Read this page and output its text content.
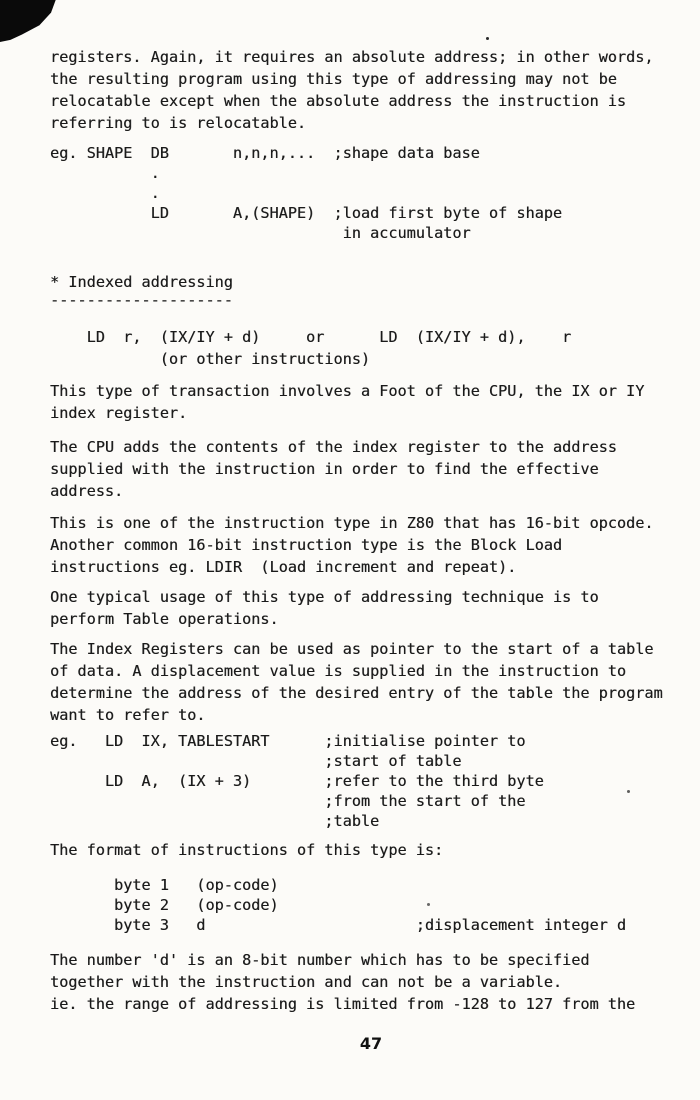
registers. Again, it requires an absolute address; in other words,
the resulting program using this type of addressing may not be
relocatable except when the absolute address the instruction is
referring to is relocatable.
eg. SHAPE  DB       n,n,n,...  ;shape data base
.
.
LD       A,(SHAPE)  ;load first byte of shape
in accumulator
* Indexed addressing
--------------------
LD  r,  (IX/IY + d)     or      LD  (IX/IY + d),    r
(or other instructions)
This type of transaction involves a Foot of the CPU, the IX or IY
index register.
The CPU adds the contents of the index register to the address
supplied with the instruction in order to find the effective
address.
This is one of the instruction type in Z80 that has 16-bit opcode.
Another common 16-bit instruction type is the Block Load
instructions eg. LDIR  (Load increment and repeat).
One typical usage of this type of addressing technique is to
perform Table operations.
The Index Registers can be used as pointer to the start of a table
of data. A displacement value is supplied in the instruction to
determine the address of the desired entry of the table the program
want to refer to.
eg.   LD  IX, TABLESTART      ;initialise pointer to
;start of table
LD  A,  (IX + 3)        ;refer to the third byte
;from the start of the
;table
The format of instructions of this type is:
byte 1   (op-code)
byte 2   (op-code)
byte 3   d                       ;displacement integer d
The number 'd' is an 8-bit number which has to be specified
together with the instruction and can not be a variable.
ie. the range of addressing is limited from -128 to 127 from the
47
